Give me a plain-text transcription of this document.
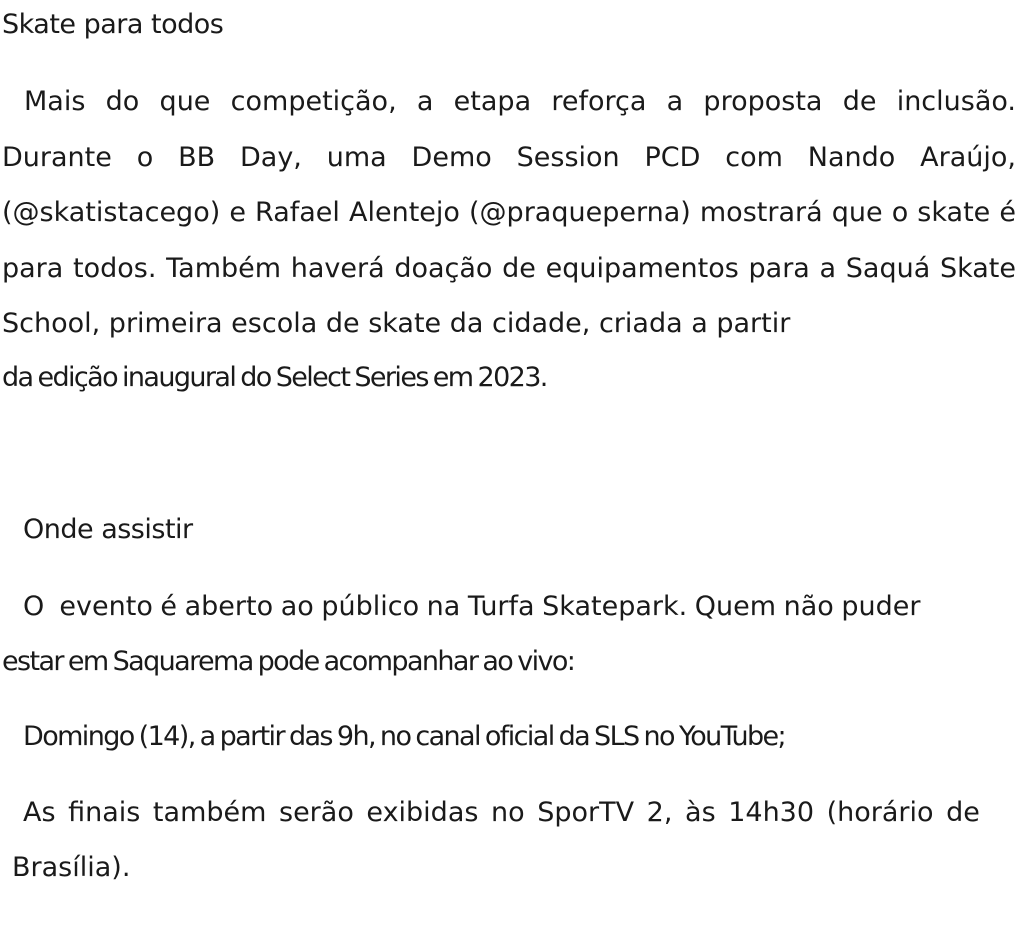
Skate para todos

Mais do que competição, a etapa reforça a proposta de inclusão. Durante o BB Day, uma Demo Session PCD com Nando Araújo, (@skatistacego) e Rafael Alentejo (@praqueperna) mostrará que o skate é para todos. Também haverá doação de equipamentos para a Saquá Skate School, primeira escola de skate da cidade, criada a partir

da edição inaugural do Select Series em 2023.

Onde assistir

O  evento é aberto ao público na Turfa Skatepark. Quem não puder

estar em Saquarema pode acompanhar ao vivo:

Domingo (14), a partir das 9h, no canal oficial da SLS no YouTube;

As finais também serão exibidas no SporTV 2, às 14h30 (horário de

Brasília).
